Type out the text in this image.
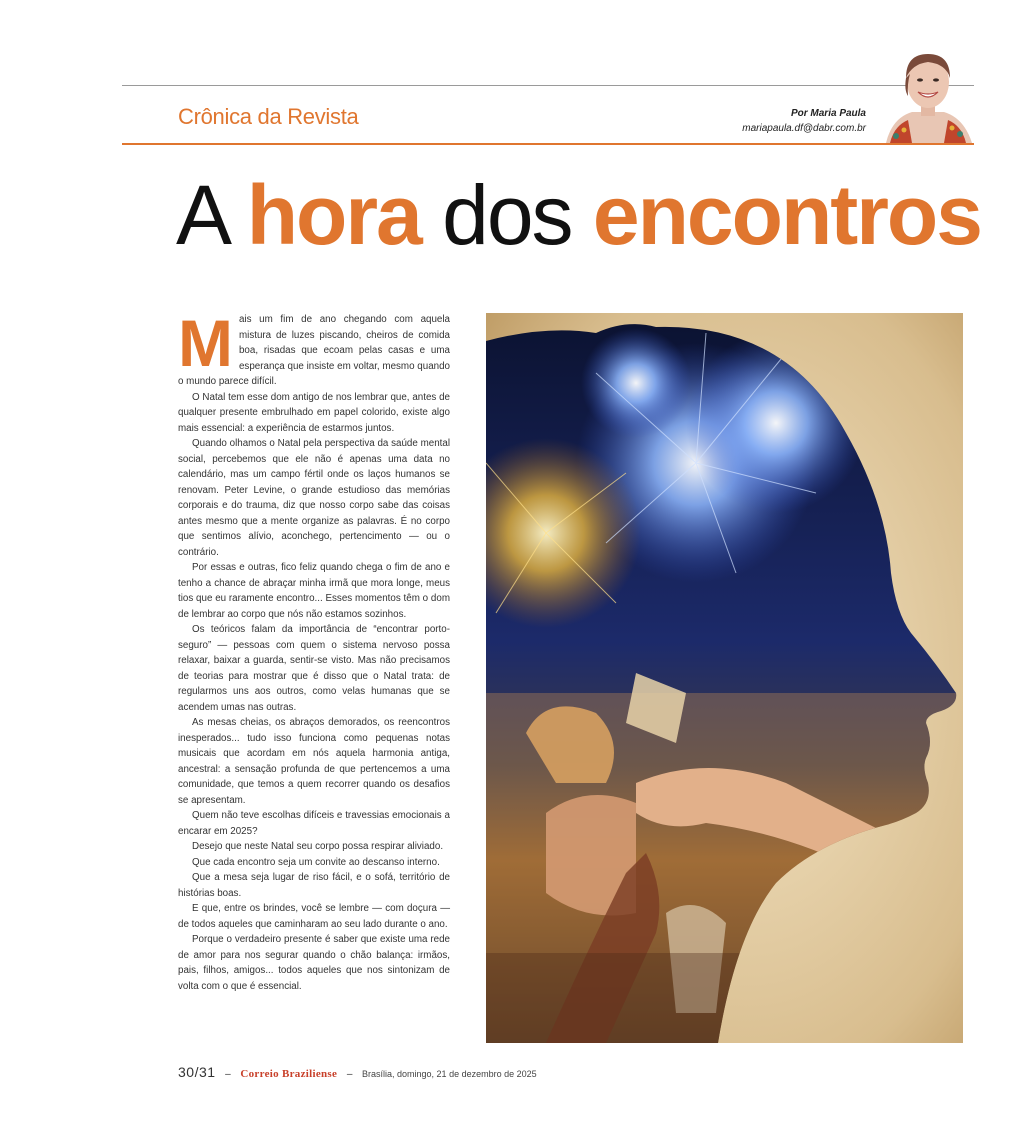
Crônica da Revista	Por Maria Paula
mariapaula.df@dabr.com.br
A hora dos encontros

Mais um fim de ano chegando com aquela mistura de luzes piscando, cheiros de comida boa, risadas que ecoam pelas casas e uma esperança que insiste em voltar, mesmo quando o mundo parece difícil.

O Natal tem esse dom antigo de nos lembrar que, antes de qualquer presente embrulhado em papel colorido, existe algo mais essencial: a experiência de estarmos juntos.

Quando olhamos o Natal pela perspectiva da saúde mental social, percebemos que ele não é apenas uma data no calendário, mas um campo fértil onde os laços humanos se renovam. Peter Levine, o grande estudioso das memórias corporais e do trauma, diz que nosso corpo sabe das coisas antes mesmo que a mente organize as palavras. É no corpo que sentimos alívio, aconchego, pertencimento — ou o contrário.

Por essas e outras, fico feliz quando chega o fim de ano e tenho a chance de abraçar minha irmã que mora longe, meus tios que eu raramente encontro... Esses momentos têm o dom de lembrar ao corpo que nós não estamos sozinhos.

Os teóricos falam da importância de “encontrar porto-seguro” — pessoas com quem o sistema nervoso possa relaxar, baixar a guarda, sentir-se visto. Mas não precisamos de teorias para mostrar que é disso que o Natal trata: de regularmos uns aos outros, como velas humanas que se acendem umas nas outras.

As mesas cheias, os abraços demorados, os reencontros inesperados... tudo isso funciona como pequenas notas musicais que acordam em nós aquela harmonia antiga, ancestral: a sensação profunda de que pertencemos a uma comunidade, que temos a quem recorrer quando os desafios se apresentam.

Quem não teve escolhas difíceis e travessias emocionais a encarar em 2025?

Desejo que neste Natal seu corpo possa respirar aliviado.

Que cada encontro seja um convite ao descanso interno.

Que a mesa seja lugar de riso fácil, e o sofá, território de histórias boas.

E que, entre os brindes, você se lembre — com doçura — de todos aqueles que caminharam ao seu lado durante o ano.

Porque o verdadeiro presente é saber que existe uma rede de amor para nos segurar quando o chão balança: irmãos, pais, filhos, amigos... todos aqueles que nos sintonizam de volta com o que é essencial.

30/31 – Correio Braziliense – Brasília, domingo, 21 de dezembro de 2025
